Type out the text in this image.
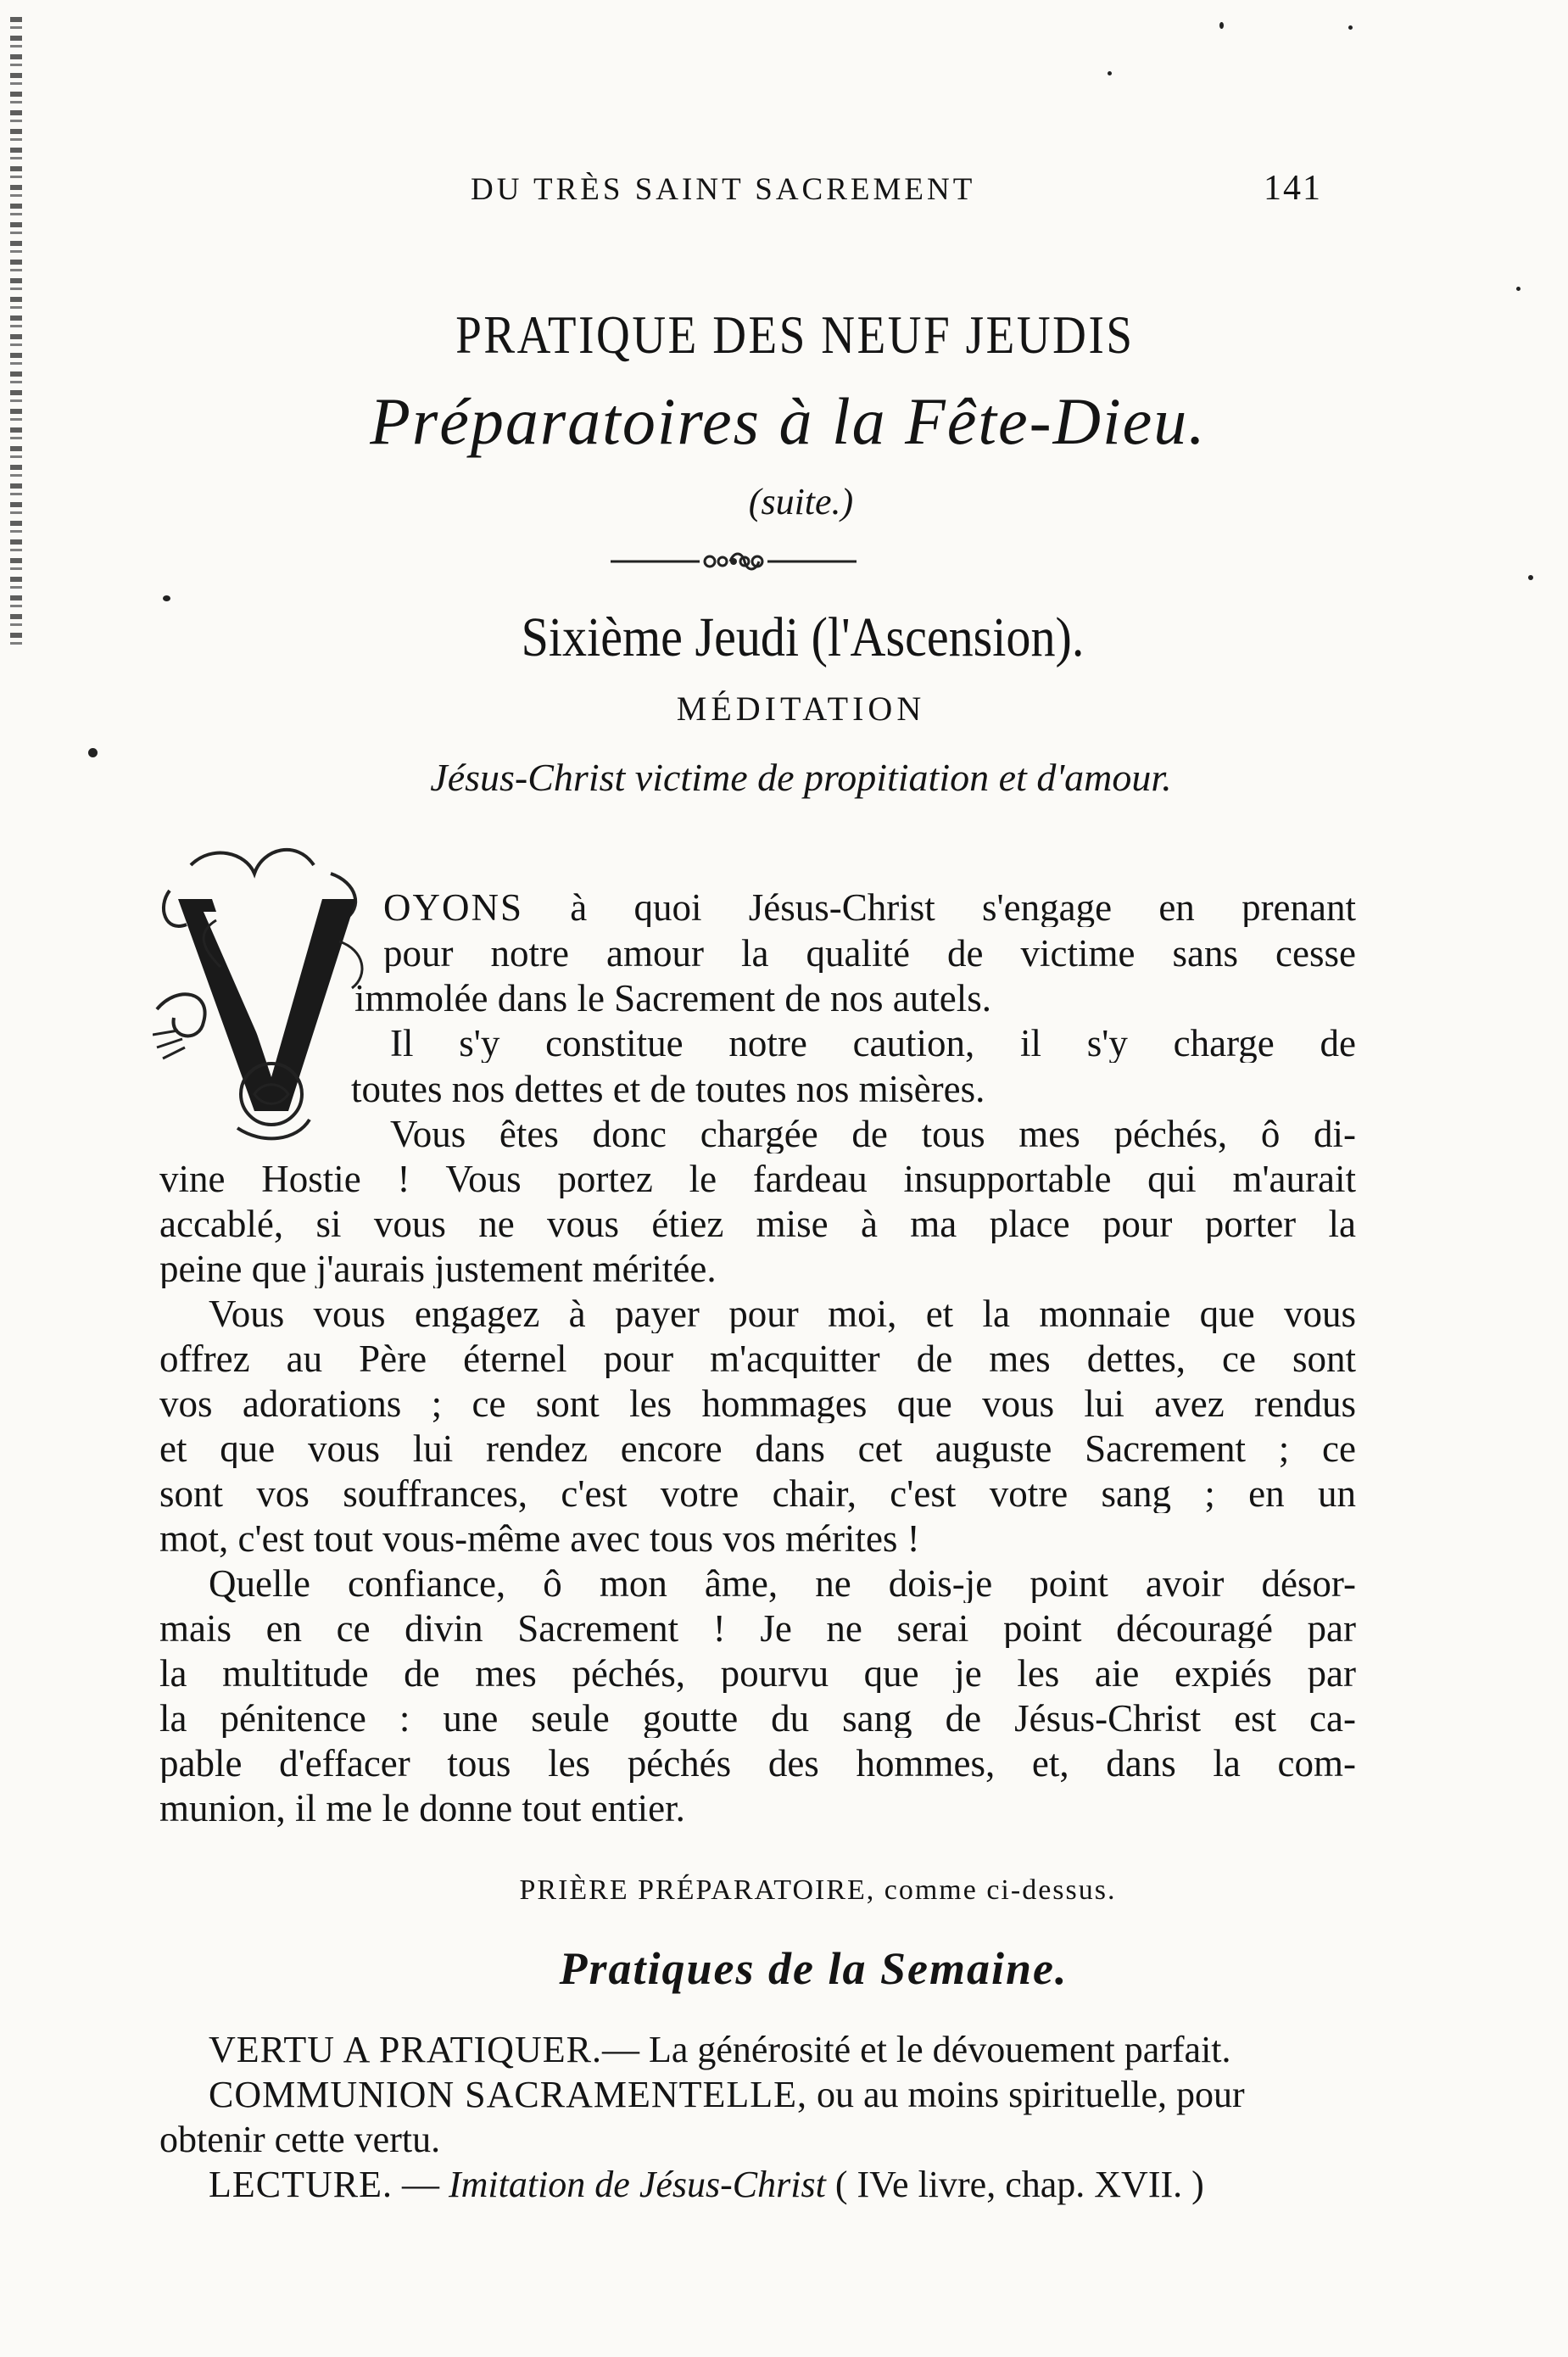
DU TRÈS SAINT SACREMENT	141
PRATIQUE DES NEUF JEUDIS
Préparatoires à la Fête-Dieu.
(suite.)
Sixième Jeudi (l'Ascension).
MÉDITATION
Jésus-Christ victime de propitiation et d'amour.
OYONS à quoi Jésus-Christ s'engage en prenant
pour notre amour la qualité de victime sans cesse
immolée dans le Sacrement de nos autels.
Il s'y constitue notre caution, il s'y charge de
toutes nos dettes et de toutes nos misères.
Vous êtes donc chargée de tous mes péchés, ô di-
vine Hostie ! Vous portez le fardeau insupportable qui m'aurait
accablé, si vous ne vous étiez mise à ma place pour porter la
peine que j'aurais justement méritée.
Vous vous engagez à payer pour moi, et la monnaie que vous
offrez au Père éternel pour m'acquitter de mes dettes, ce sont
vos adorations ; ce sont les hommages que vous lui avez rendus
et que vous lui rendez encore dans cet auguste Sacrement ; ce
sont vos souffrances, c'est votre chair, c'est votre sang ; en un
mot, c'est tout vous-même avec tous vos mérites !
Quelle confiance, ô mon âme, ne dois-je point avoir désor-
mais en ce divin Sacrement ! Je ne serai point découragé par
la multitude de mes péchés, pourvu que je les aie expiés par
la pénitence : une seule goutte du sang de Jésus-Christ est ca-
pable d'effacer tous les péchés des hommes, et, dans la com-
munion, il me le donne tout entier.
PRIÈRE PRÉPARATOIRE, comme ci-dessus.
Pratiques de la Semaine.
VERTU A PRATIQUER.— La générosité et le dévouement parfait.
COMMUNION SACRAMENTELLE, ou au moins spirituelle, pour
obtenir cette vertu.
LECTURE. — Imitation de Jésus-Christ ( IVe livre, chap. XVII. )
